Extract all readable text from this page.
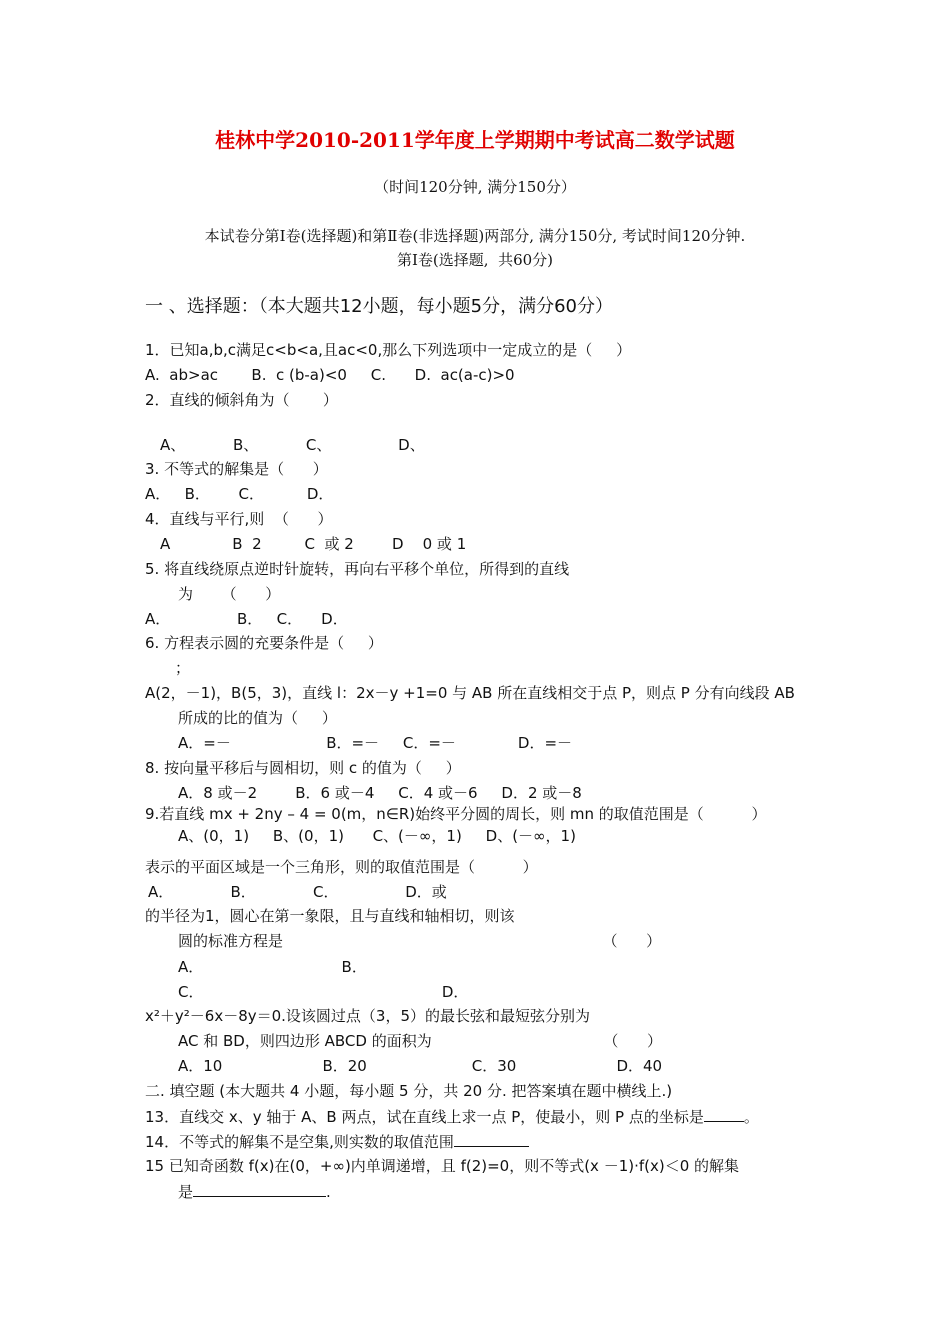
桂林中学2010-2011学年度上学期期中考试高二数学试题
（时间120分钟, 满分150分）
本试卷分第Ⅰ卷(选择题)和第Ⅱ卷(非选择题)两部分, 满分150分, 考试时间120分钟.
第Ⅰ卷(选择题,  共60分)
一 、选择题：（本大题共12小题，每小题5分，满分60分）
1．已知a,b,c满足c<b<a,且ac<0,那么下列选项中一定成立的是（     ）
A.  ab>ac       B.  c (b-a)<0     C.      D.  ac(a-c)>0
2．直线的倾斜角为（       ）
A、          B、          C、              D、
3. 不等式的解集是（      ）
A．   B．      C．         D．
4．直线与平行,则  （      ）
A             B  2         C  或 2        D    0 或 1
5. 将直线绕原点逆时针旋转，再向右平移个单位，所得到的直线
为      （      ）
A．              B．   C．    D．
6. 方程表示圆的充要条件是（     ）
；
A(2，－1)，B(5，3)，直线 l：2x－y +1=0 与 AB 所在直线相交于点 P，则点 P 分有向线段 AB
所成的比的值为（     ）
A．=－                    B．=－     C．=－             D．=－
8. 按向量平移后与圆相切，则 c 的值为（     ）
A．8 或－2        B．6 或－4     C．4 或－6     D．2 或－8
9.若直线 mx + 2ny – 4 = 0(m，n∈R)始终平分圆的周长，则 mn 的取值范围是（          ）
A、(0，1)     B、(0，1)      C、(－∞，1)     D、(－∞，1)
表示的平面区域是一个三角形，则的取值范围是（          ）
A．            B．            C．              D．或
的半径为1，圆心在第一象限，且与直线和轴相切，则该
圆的标准方程是                                                                   （      ）
A．                             B．
C．                                                  D．
x²＋y²－6x－8y＝0.设该圆过点（3，5）的最长弦和最短弦分别为
AC 和 BD，则四边形 ABCD 的面积为                                    （      ）
A．10                     B．20                      C．30                     D．40
二. 填空题 (本大题共 4 小题，每小题 5 分，共 20 分. 把答案填在题中横线上.)
13．直线交 x、y 轴于 A、B 两点，试在直线上求一点 P，使最小，则 P 点的坐标是	。
14．不等式的解集不是空集,则实数的取值范围
15 已知奇函数 f(x)在(0，+∞)内单调递增，且 f(2)=0，则不等式(x －1)·f(x)＜0 的解集
是	.
